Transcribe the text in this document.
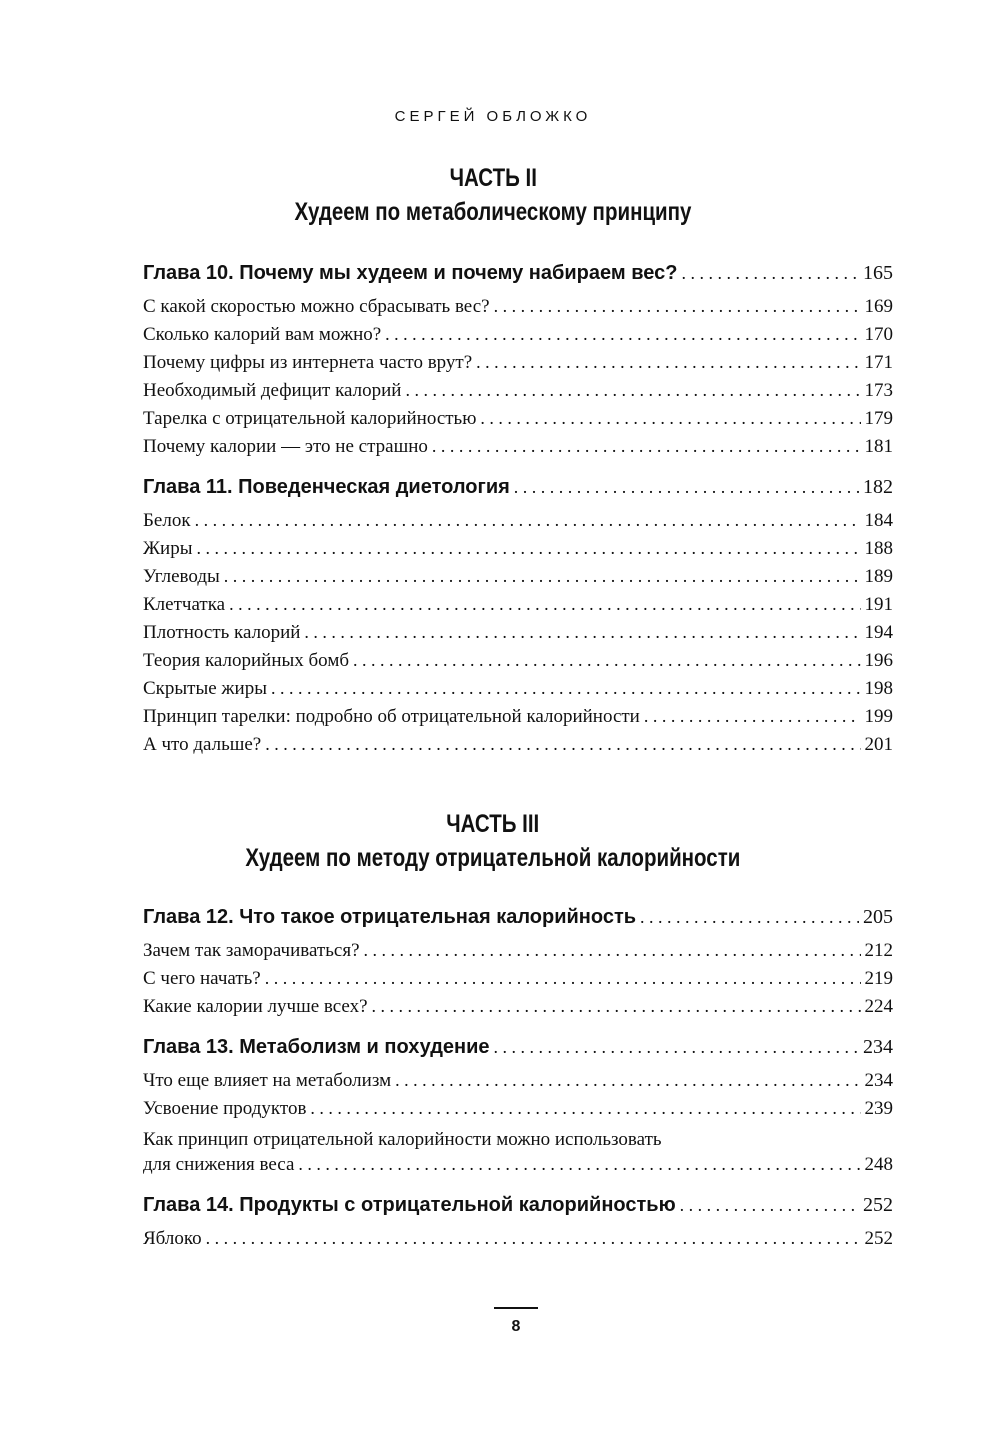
СЕРГЕЙ ОБЛОЖКО
ЧАСТЬ II
Худеем по метаболическому принципу
Глава 10. Почему мы худеем и почему набираем вес? . . .	165
С какой скоростью можно сбрасывать вес? . . .	169
Сколько калорий вам можно? . . .	170
Почему цифры из интернета часто врут? . . .	171
Необходимый дефицит калорий . . .	173
Тарелка с отрицательной калорийностью . . .	179
Почему калории — это не страшно . . .	181
Глава 11. Поведенческая диетология . . .	182
Белок . . .	184
Жиры . . .	188
Углеводы . . .	189
Клетчатка . . .	191
Плотность калорий . . .	194
Теория калорийных бомб . . .	196
Скрытые жиры . . .	198
Принцип тарелки: подробно об отрицательной калорийности . . .	199
А что дальше? . . .	201
ЧАСТЬ III
Худеем по методу отрицательной калорийности
Глава 12. Что такое отрицательная калорийность . . .	205
Зачем так заморачиваться? . . .	212
С чего начать? . . .	219
Какие калории лучше всех? . . .	224
Глава 13. Метаболизм и похудение . . .	234
Что еще влияет на метаболизм . . .	234
Усвоение продуктов . . .	239
Как принцип отрицательной калорийности можно использовать
для снижения веса . . .	248
Глава 14. Продукты с отрицательной калорийностью . . .	252
Яблоко . . .	252
8
